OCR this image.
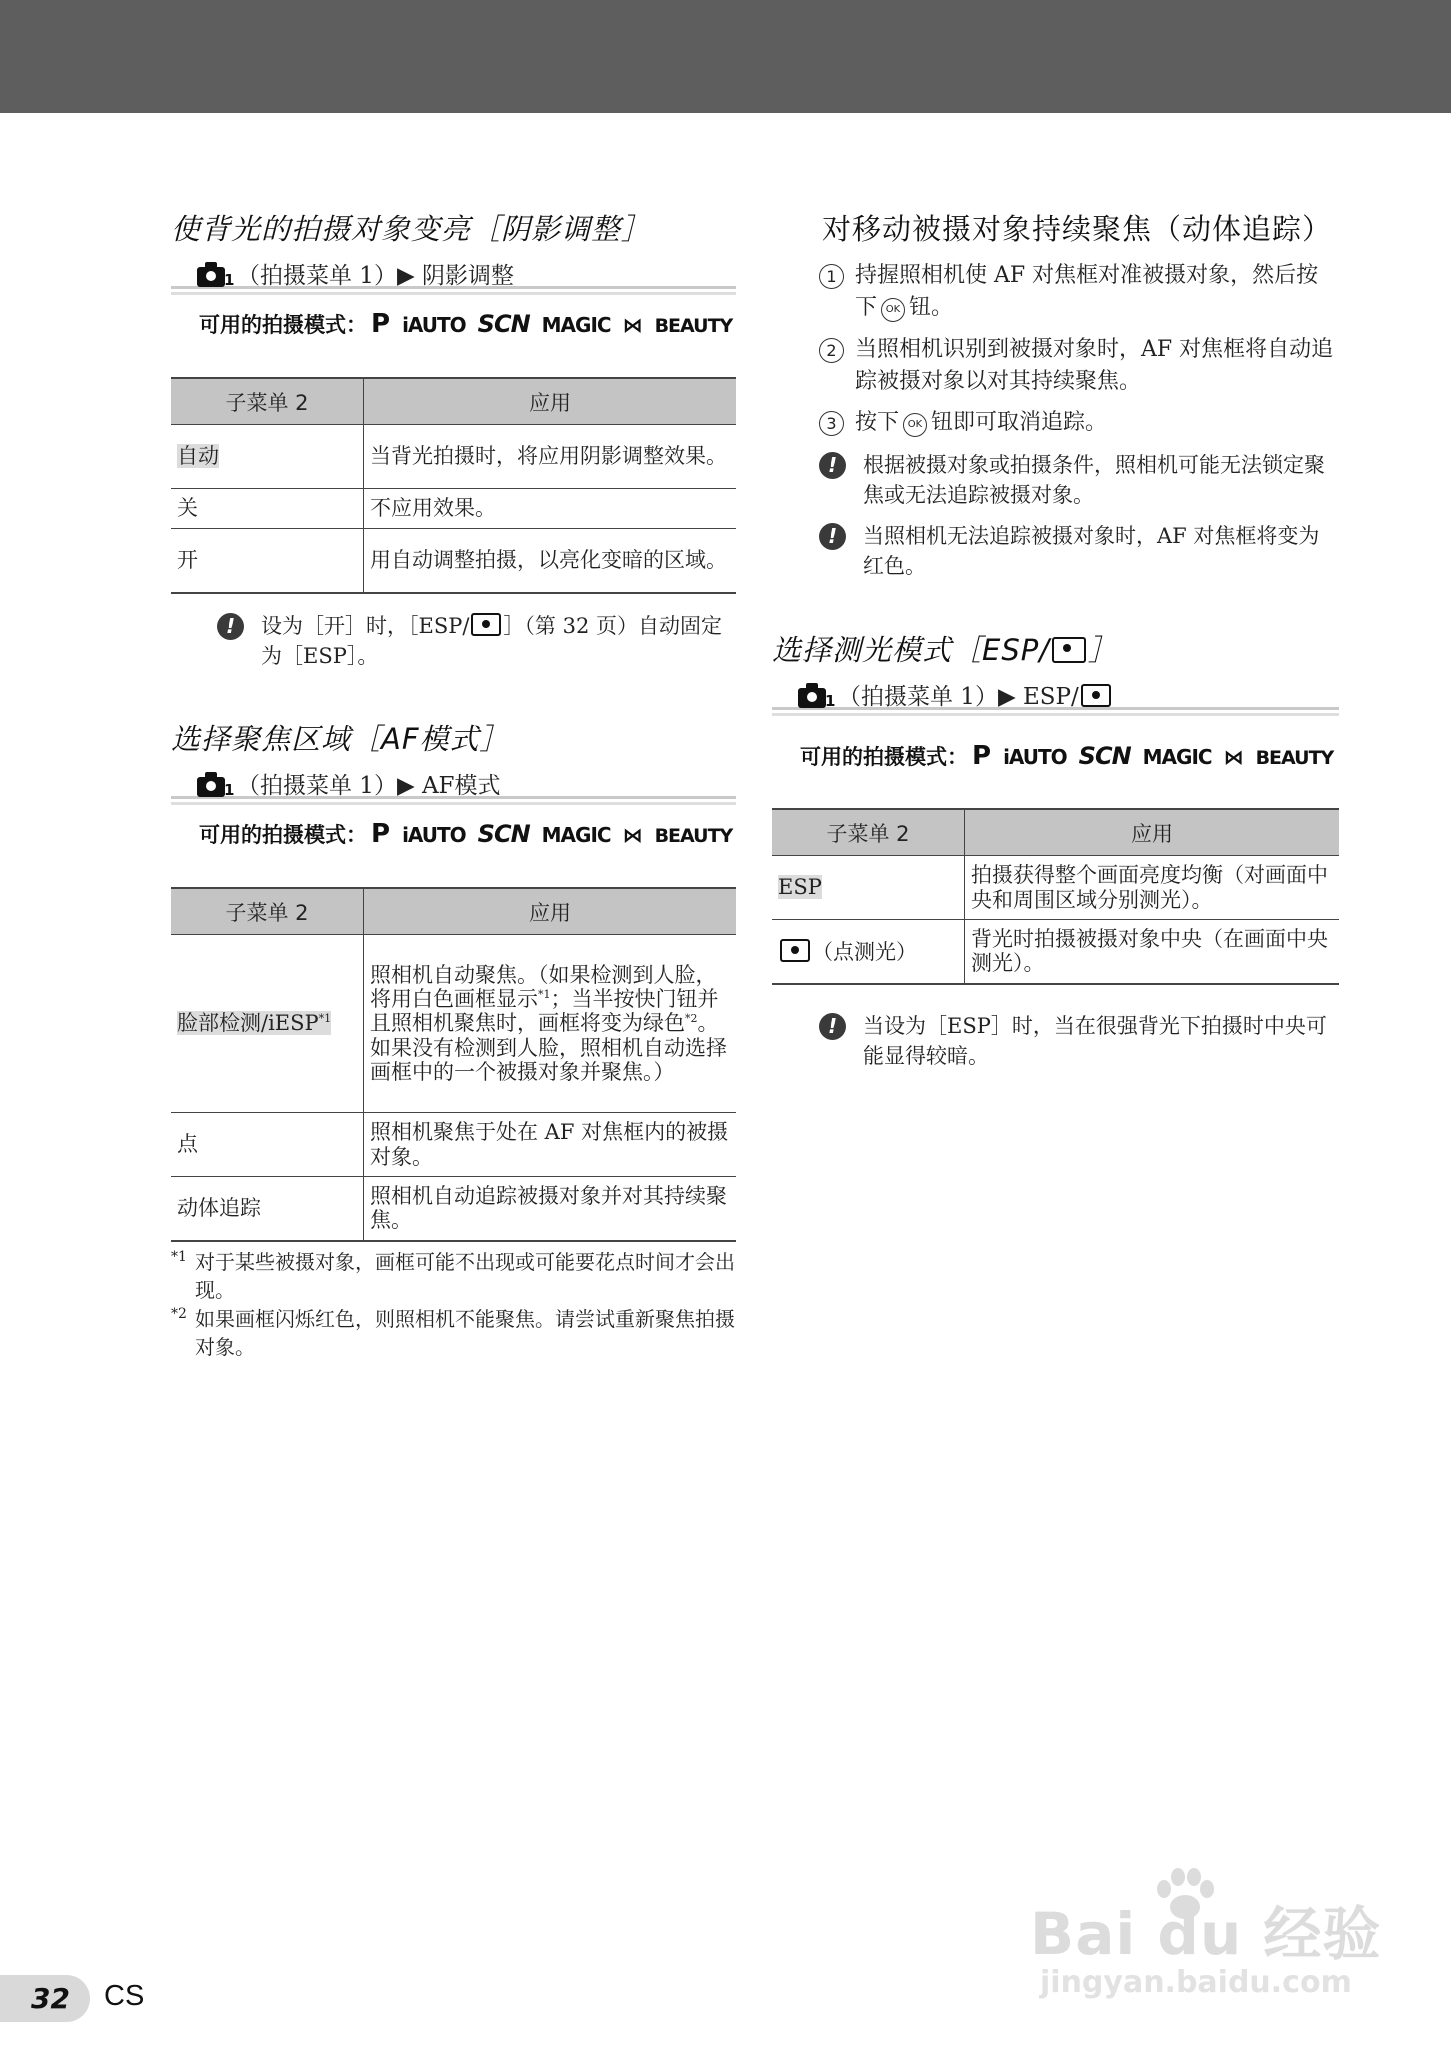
使背光的拍摄对象变亮［阴影调整］
1 （拍摄菜单 1）▶ 阴影调整
可用的拍摄模式： P iAUTO SCN MAGIC ⋈ BEAUTY
子菜单 2	应用
自动	当背光拍摄时，将应用阴影调整效果。
关	不应用效果。
开	用自动调整拍摄，以亮化变暗的区域。
!	设为［开］时，［ESP/ ］（第 32 页）自动固定为［ESP］。
选择聚焦区域［AF模式］
1 （拍摄菜单 1）▶ AF模式
可用的拍摄模式： P iAUTO SCN MAGIC ⋈ BEAUTY
子菜单 2	应用
脸部检测/iESP$^{*1}$	照相机自动聚焦。（如果检测到人脸，将用白色画框显示$^{*1}$；当半按快门钮并且照相机聚焦时，画框将变为绿色$^{*2}$。如果没有检测到人脸，照相机自动选择画框中的一个被摄对象并聚焦。）
点	照相机聚焦于处在 AF 对焦框内的被摄对象。
动体追踪	照相机自动追踪被摄对象并对其持续聚焦。
*1 对于某些被摄对象，画框可能不出现或可能要花点时间才会出现。
*2 如果画框闪烁红色，则照相机不能聚焦。请尝试重新聚焦拍摄对象。
对移动被摄对象持续聚焦（动体追踪）
1 持握照相机使 AF 对焦框对准被摄对象，然后按下 OK 钮。
2 当照相机识别到被摄对象时，AF 对焦框将自动追踪被摄对象以对其持续聚焦。
3 按下 OK 钮即可取消追踪。
!	根据被摄对象或拍摄条件，照相机可能无法锁定聚焦或无法追踪被摄对象。
!	当照相机无法追踪被摄对象时，AF 对焦框将变为红色。
选择测光模式［ESP/ ］
1 （拍摄菜单 1）▶ ESP/
可用的拍摄模式： P iAUTO SCN MAGIC ⋈ BEAUTY
子菜单 2	应用
ESP	拍摄获得整个画面亮度均衡（对画面中央和周围区域分别测光）。
（点测光）	背光时拍摄被摄对象中央（在画面中央测光）。
!	当设为［ESP］时，当在很强背光下拍摄时中央可能显得较暗。
Bai du 经验
jingyan.baidu.com
32	CS
